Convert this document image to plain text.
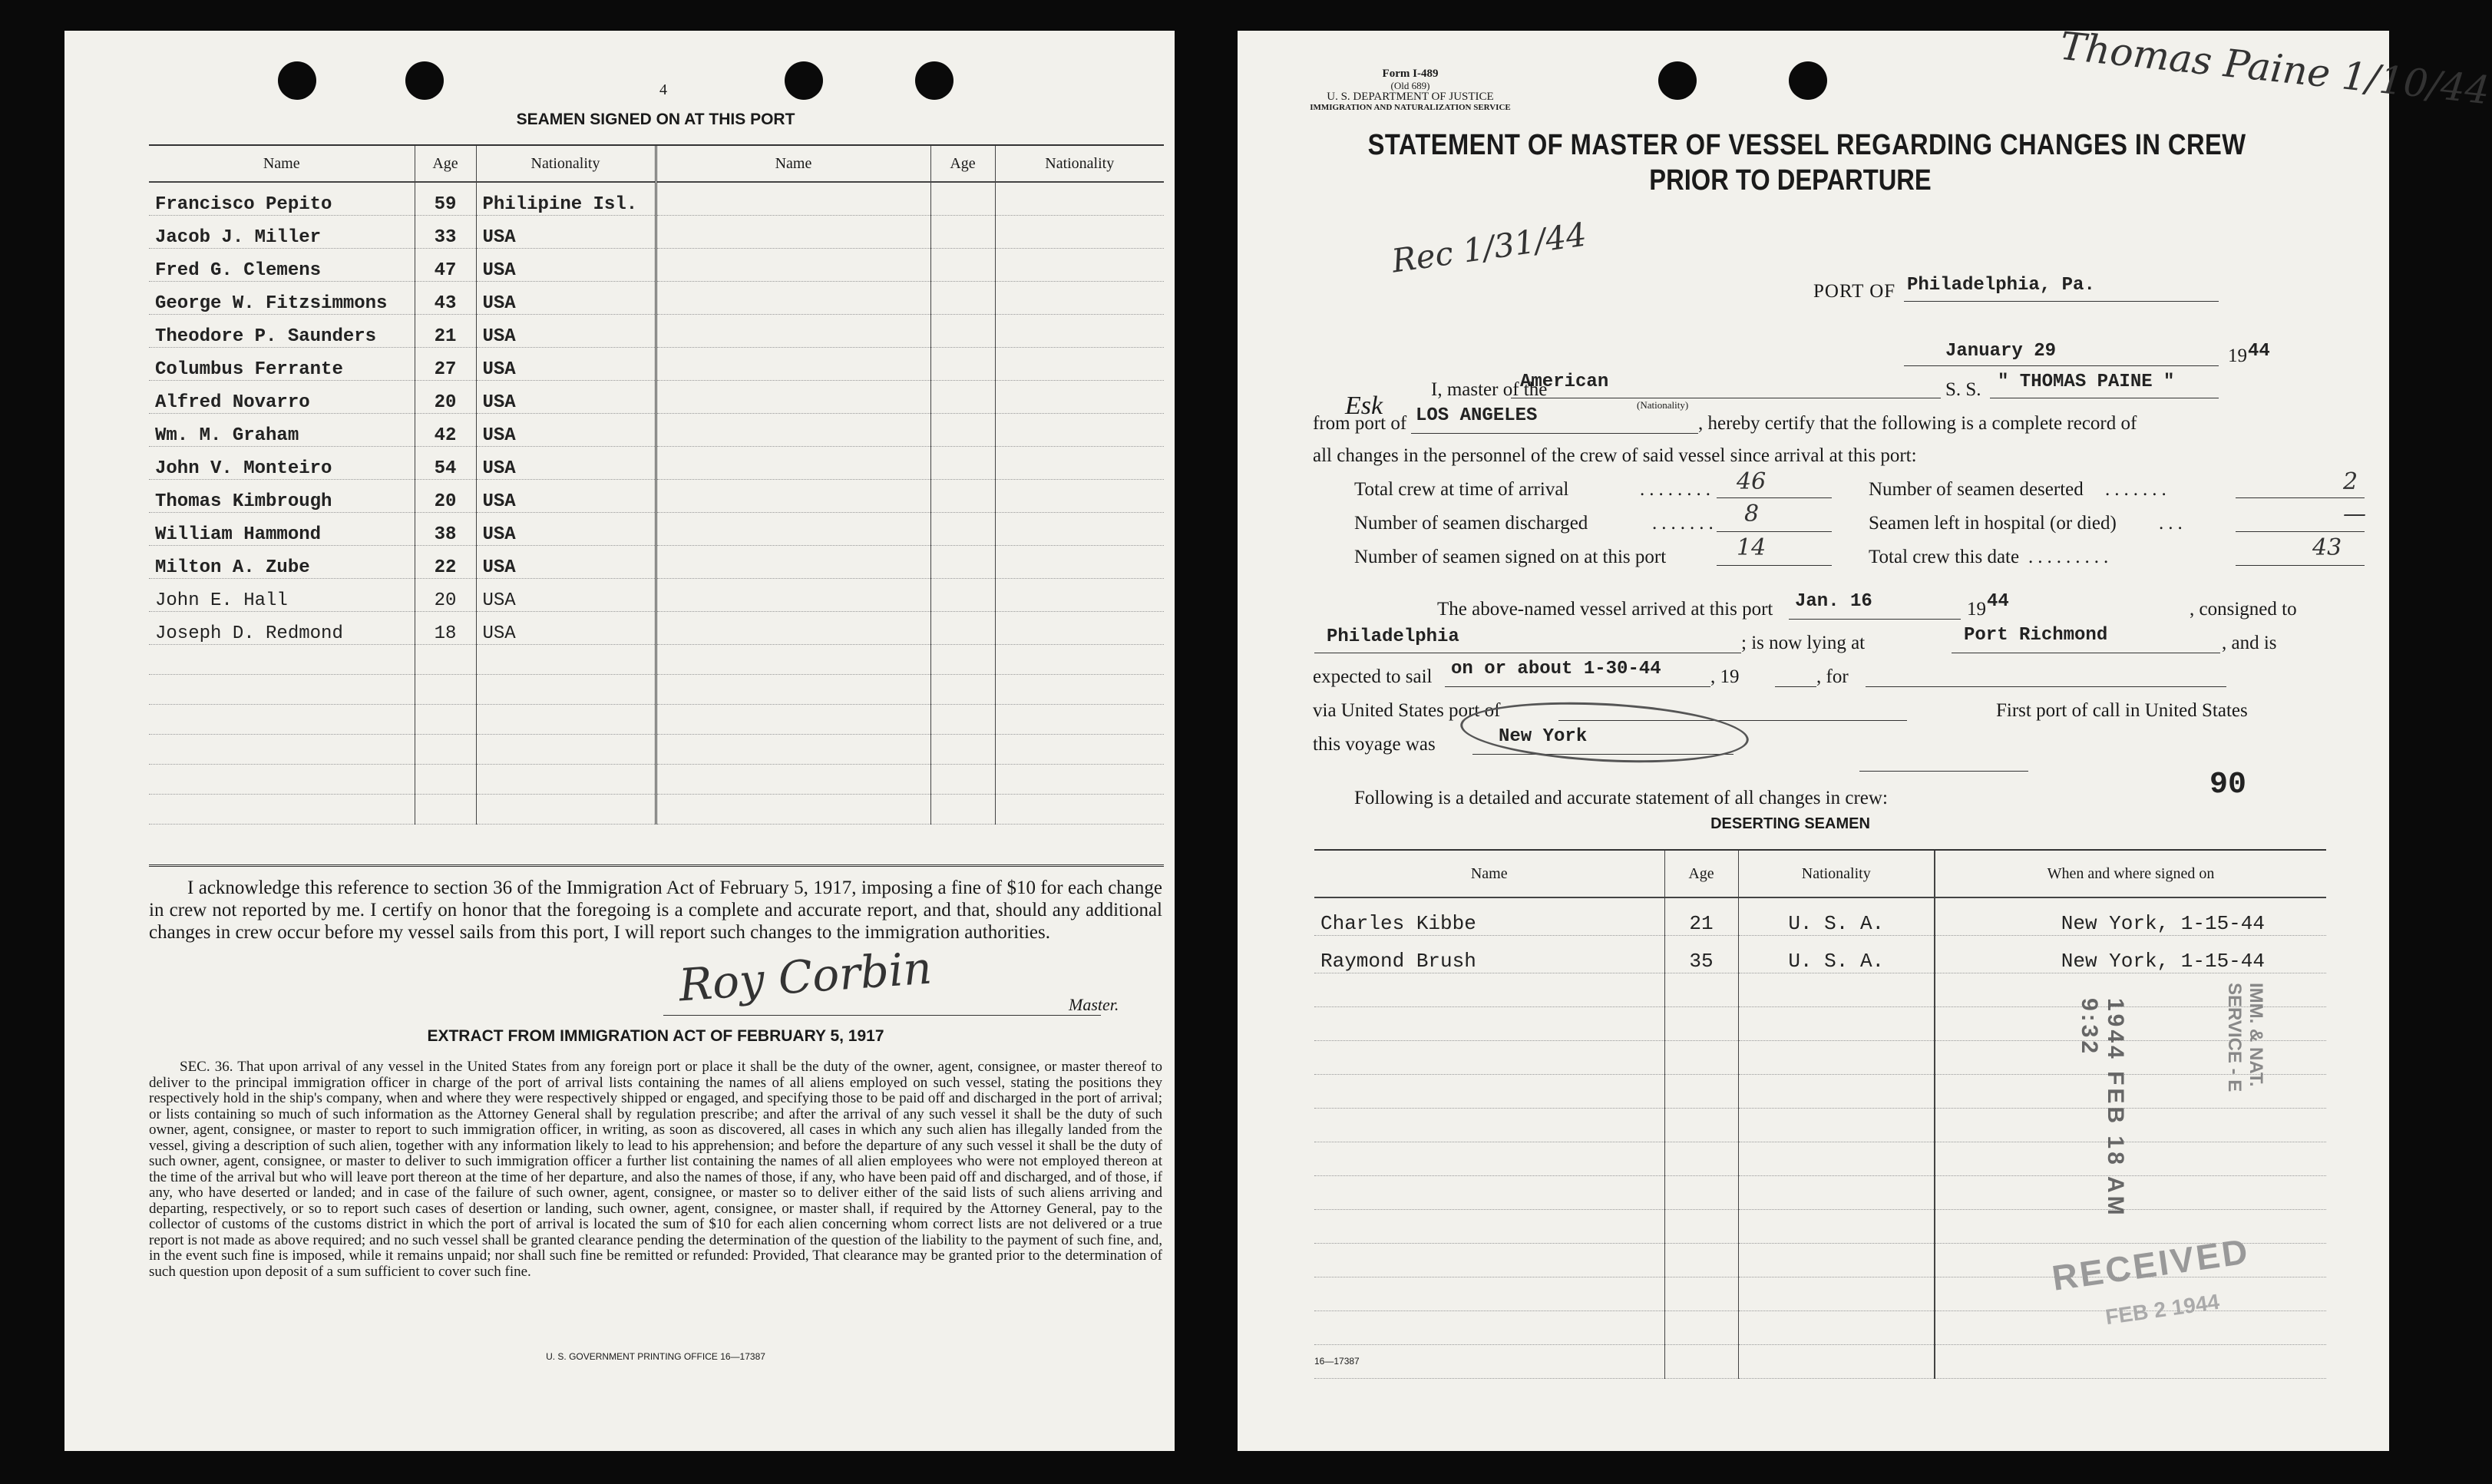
4
SEAMEN SIGNED ON AT THIS PORT
Name	Age	Nationality	Name	Age	Nationality
Francisco Pepito	59	Philipine Isl.			
Jacob J. Miller	33	USA			
Fred G. Clemens	47	USA			
George W. Fitzsimmons	43	USA			
Theodore P. Saunders	21	USA			
Columbus Ferrante	27	USA			
Alfred Novarro	20	USA			
Wm. M. Graham	42	USA			
John V. Monteiro	54	USA			
Thomas Kimbrough	20	USA			
William Hammond	38	USA			
Milton A. Zube	22	USA			
John E. Hall	20	USA			
Joseph D. Redmond	18	USA			

I acknowledge this reference to section 36 of the Immigration Act of February 5, 1917, imposing a fine of $10 for each change in crew not reported by me. I certify on honor that the foregoing is a complete and accurate report, and that, should any additional changes in crew occur before my vessel sails from this port, I will report such changes to the immigration authorities.
Roy Corbin	Master.
EXTRACT FROM IMMIGRATION ACT OF FEBRUARY 5, 1917
SEC. 36. That upon arrival of any vessel in the United States from any foreign port or place it shall be the duty of the owner, agent, consignee, or master thereof to deliver to the principal immigration officer in charge of the port of arrival lists containing the names of all aliens employed on such vessel, stating the positions they respectively hold in the ship's company, when and where they were respectively shipped or engaged, and specifying those to be paid off and discharged in the port of arrival; or lists containing so much of such information as the Attorney General shall by regulation prescribe; and after the arrival of any such vessel it shall be the duty of such owner, agent, consignee, or master to report to such immigration officer, in writing, as soon as discovered, all cases in which any such alien has illegally landed from the vessel, giving a description of such alien, together with any information likely to lead to his apprehension; and before the departure of any such vessel it shall be the duty of such owner, agent, consignee, or master to deliver to such immigration officer a further list containing the names of all alien employees who were not employed thereon at the time of the arrival but who will leave port thereon at the time of her departure, and also the names of those, if any, who have been paid off and discharged, and of those, if any, who have deserted or landed; and in case of the failure of such owner, agent, consignee, or master so to deliver either of the said lists of such aliens arriving and departing, respectively, or so to report such cases of desertion or landing, such owner, agent, consignee, or master shall, if required by the Attorney General, pay to the collector of customs of the customs district in which the port of arrival is located the sum of $10 for each alien concerning whom correct lists are not delivered or a true report is not made as above required; and no such vessel shall be granted clearance pending the determination of the question of the liability to the payment of such fine, and, in the event such fine is imposed, while it remains unpaid; nor shall such fine be remitted or refunded: Provided, That clearance may be granted prior to the determination of such question upon deposit of a sum sufficient to cover such fine.
U. S. GOVERNMENT PRINTING OFFICE 16—17387
Form I-489
(Old 689)
U. S. DEPARTMENT OF JUSTICE
IMMIGRATION AND NATURALIZATION SERVICE	Thomas Paine 1/10/44
STATEMENT OF MASTER OF VESSEL REGARDING CHANGES IN CREW
PRIOR TO DEPARTURE
Rec 1/31/44
PORT OF Philadelphia, Pa.
January 29	19 44
Esk
I, master of the
American
(Nationality)
S. S. " THOMAS PAINE "
from port of LOS ANGELES	, hereby certify that the following is a complete record of
all changes in the personnel of the crew of said vessel since arrival at this port:
Total crew at time of arrival	........ 46
Number of seamen discharged	....... 8
Number of seamen signed on at this port	14
Number of seamen deserted .......	2
Seamen left in hospital (or died) ...	—
Total crew this date .........	43
The above-named vessel arrived at this port Jan. 16	19 44	, consigned to
Philadelphia	; is now lying at	Port Richmond	, and is
expected to sail on or about 1-30-44	, 19	, for
via United States port of	First port of call in United States
this voyage was	New York
90
Following is a detailed and accurate statement of all changes in crew:
DESERTING SEAMEN
Name	Age	Nationality	When and where signed on
Charles Kibbe	21	U. S. A.	New York, 1-15-44
Raymond Brush	35	U. S. A.	New York, 1-15-44

1944 FEB 18 AM 9:32	IMM. & NAT. SERVICE - E
RECEIVED
FEB 2 1944
16—17387
